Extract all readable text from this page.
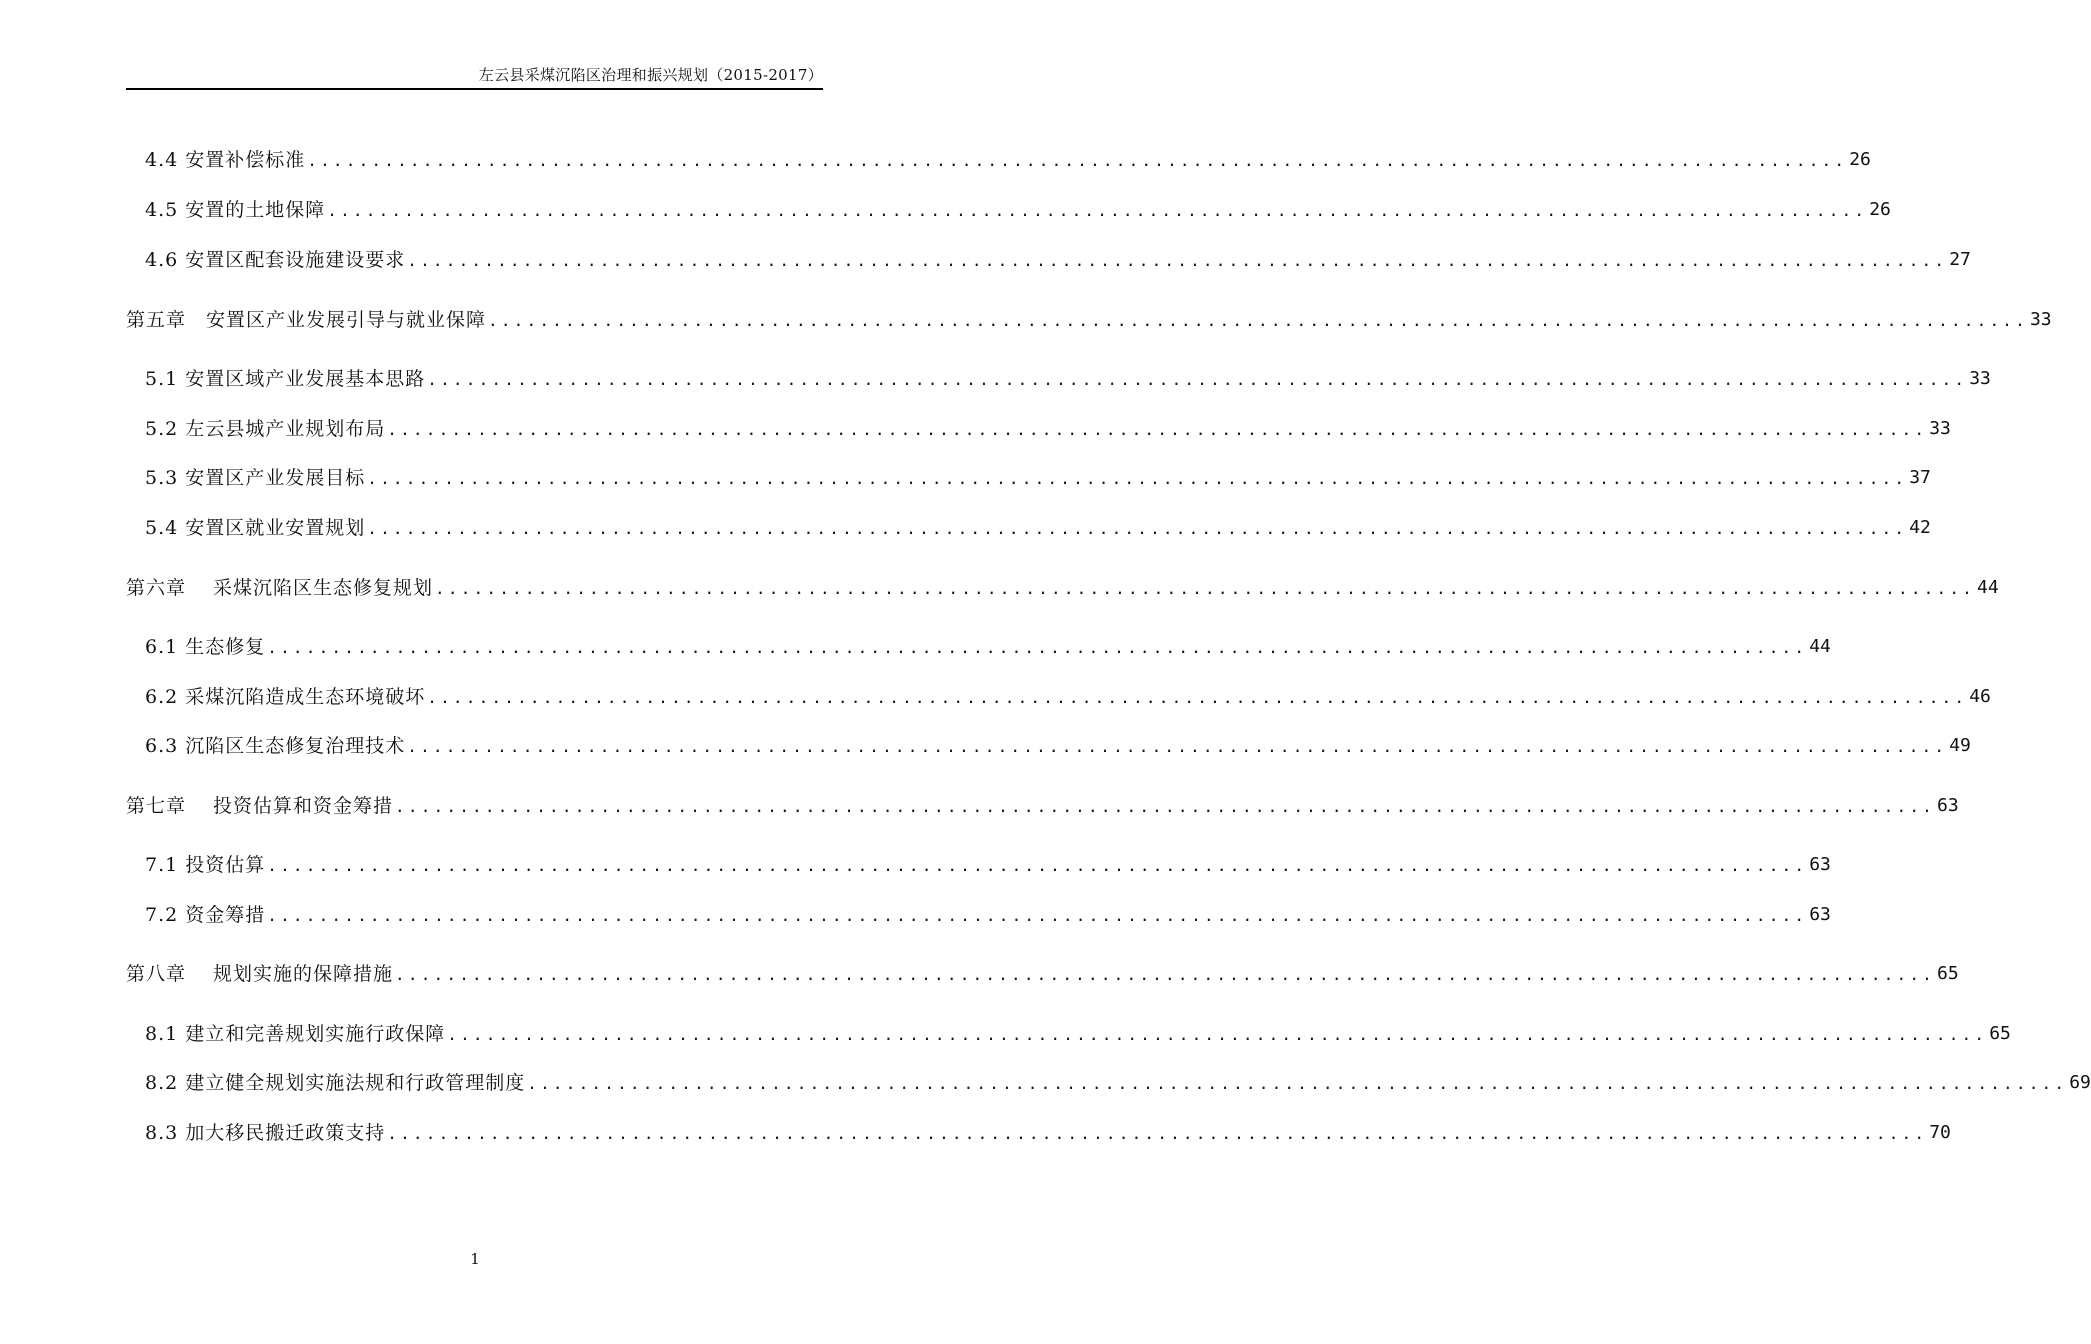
左云县采煤沉陷区治理和振兴规划（2015-2017）
4.4 安置补偿标准 ........................................................................................................................ 26
4.5 安置的土地保障 ........................................................................................................................ 26
4.6 安置区配套设施建设要求 ........................................................................................................................ 27
第五章　安置区产业发展引导与就业保障 ........................................................................................................................ 33
5.1 安置区域产业发展基本思路 ........................................................................................................................ 33
5.2 左云县城产业规划布局 ........................................................................................................................ 33
5.3 安置区产业发展目标 ........................................................................................................................ 37
5.4 安置区就业安置规划 ........................................................................................................................ 42
第六章　 采煤沉陷区生态修复规划 ........................................................................................................................ 44
6.1 生态修复 ........................................................................................................................ 44
6.2 采煤沉陷造成生态环境破坏 ........................................................................................................................ 46
6.3 沉陷区生态修复治理技术 ........................................................................................................................ 49
第七章　 投资估算和资金筹措 ........................................................................................................................ 63
7.1 投资估算 ........................................................................................................................ 63
7.2 资金筹措 ........................................................................................................................ 63
第八章　 规划实施的保障措施 ........................................................................................................................ 65
8.1 建立和完善规划实施行政保障 ........................................................................................................................ 65
8.2 建立健全规划实施法规和行政管理制度 ........................................................................................................................ 69
8.3 加大移民搬迁政策支持 ........................................................................................................................ 70
1
